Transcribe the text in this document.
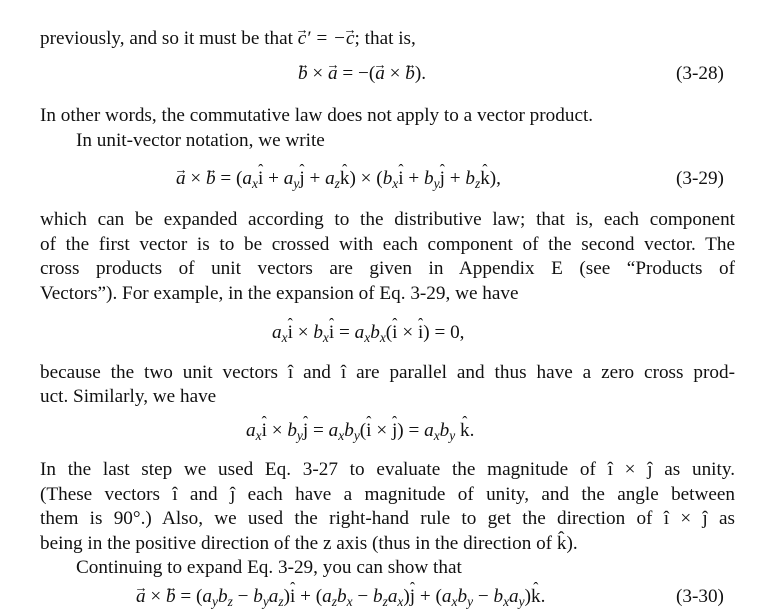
previously, and so it must be that → c′ = −→ c; that is,
→ b × → a = −(→ a × → b).	(3-28)
In other words, the commutative law does not apply to a vector product.
In unit-vector notation, we write
→ a × → $b = (a_xˆ$ $i + a_yˆ$ $j + a_zˆ$ $k) \times (b_xˆ$ $i + b_yˆ$ $j + b_zˆ$ k),	(3-29)
which can be expanded according to the distributive law; that is, each component
of the first vector is to be crossed with each component of the second vector. The
cross products of unit vectors are given in Appendix E (see “Products of
Vectors”). For example, in the expansion of Eq. 3-29, we have
$a_xˆ$ $i \times b_xˆ$ $i = a_xb_x(ˆ$ i × ˆ i) = 0,
because the two unit vectors î and î are parallel and thus have a zero cross prod-
uct. Similarly, we have
$a_xˆ$ $i \times b_yˆ$ $j = a_xb_y(ˆ$ i × ˆ $j) = a_xb_y$ ˆ k.
In the last step we used Eq. 3-27 to evaluate the magnitude of î × ĵ as unity.
(These vectors î and ĵ each have a magnitude of unity, and the angle between
them is 90°.) Also, we used the right-hand rule to get the direction of î × ĵ as
being in the positive direction of the z axis (thus in the direction of k̂).
Continuing to expand Eq. 3-29, you can show that
→ a × → $b = (a_yb_z$ − $b_ya_z)ˆ$ $i + (a_zb_x$ − $b_za_x)ˆ$ $j + (a_xb_y$ − $b_xa_y)ˆ$ k.	(3-30)
